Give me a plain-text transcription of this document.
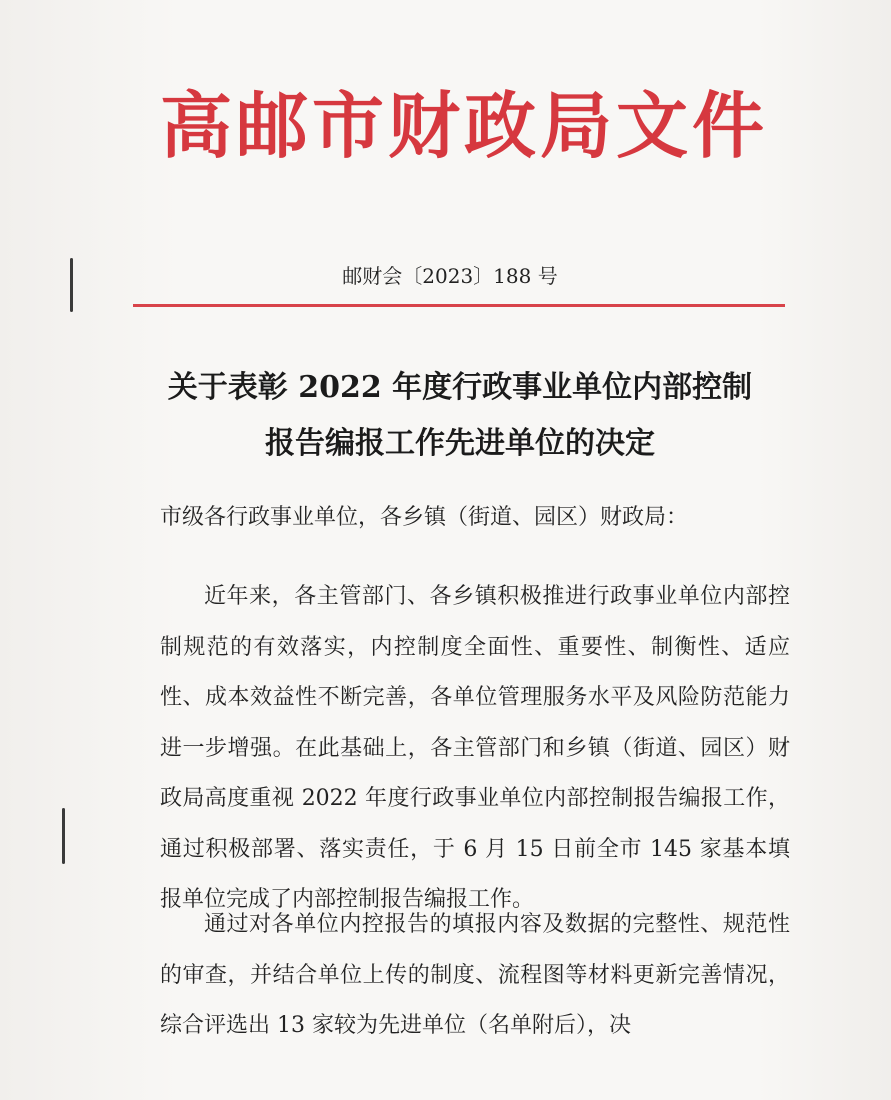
高邮市财政局文件
邮财会〔2023〕188 号
关于表彰 2022 年度行政事业单位内部控制
报告编报工作先进单位的决定
市级各行政事业单位，各乡镇（街道、园区）财政局：

近年来，各主管部门、各乡镇积极推进行政事业单位内部控制规范的有效落实，内控制度全面性、重要性、制衡性、适应性、成本效益性不断完善，各单位管理服务水平及风险防范能力进一步增强。在此基础上，各主管部门和乡镇（街道、园区）财政局高度重视 2022 年度行政事业单位内部控制报告编报工作，通过积极部署、落实责任，于 6 月 15 日前全市 145 家基本填报单位完成了内部控制报告编报工作。

通过对各单位内控报告的填报内容及数据的完整性、规范性的审查，并结合单位上传的制度、流程图等材料更新完善情况，综合评选出 13 家较为先进单位（名单附后），决
